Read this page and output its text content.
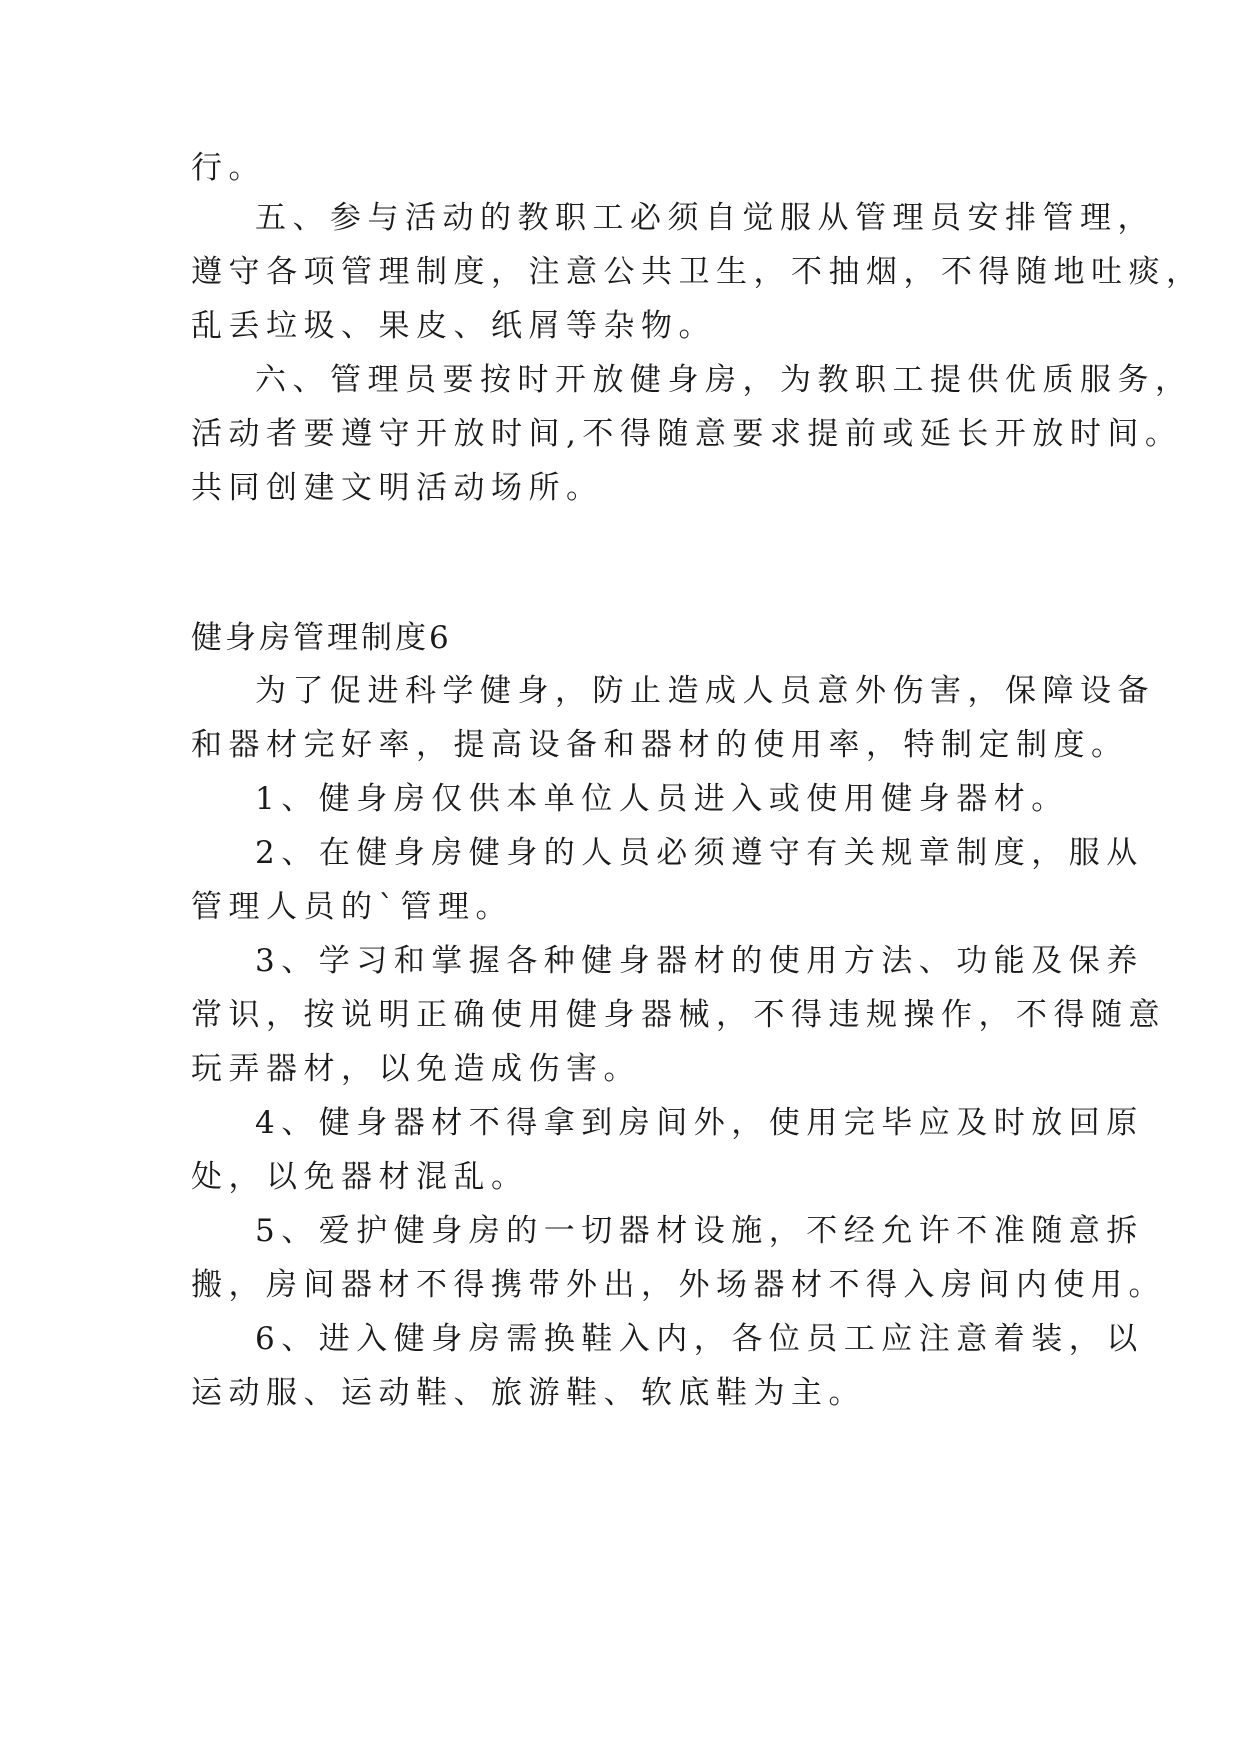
行。
五、参与活动的教职工必须自觉服从管理员安排管理，
遵守各项管理制度，注意公共卫生，不抽烟，不得随地吐痰，
乱丢垃圾、果皮、纸屑等杂物。
六、管理员要按时开放健身房，为教职工提供优质服务，
活动者要遵守开放时间,不得随意要求提前或延长开放时间。
共同创建文明活动场所。
健身房管理制度6
为了促进科学健身，防止造成人员意外伤害，保障设备
和器材完好率，提高设备和器材的使用率，特制定制度。
1、健身房仅供本单位人员进入或使用健身器材。
2、在健身房健身的人员必须遵守有关规章制度，服从
管理人员的`管理。
3、学习和掌握各种健身器材的使用方法、功能及保养
常识，按说明正确使用健身器械，不得违规操作，不得随意
玩弄器材，以免造成伤害。
4、健身器材不得拿到房间外，使用完毕应及时放回原
处，以免器材混乱。
5、爱护健身房的一切器材设施，不经允许不准随意拆
搬，房间器材不得携带外出，外场器材不得入房间内使用。
6、进入健身房需换鞋入内，各位员工应注意着装，以
运动服、运动鞋、旅游鞋、软底鞋为主。
